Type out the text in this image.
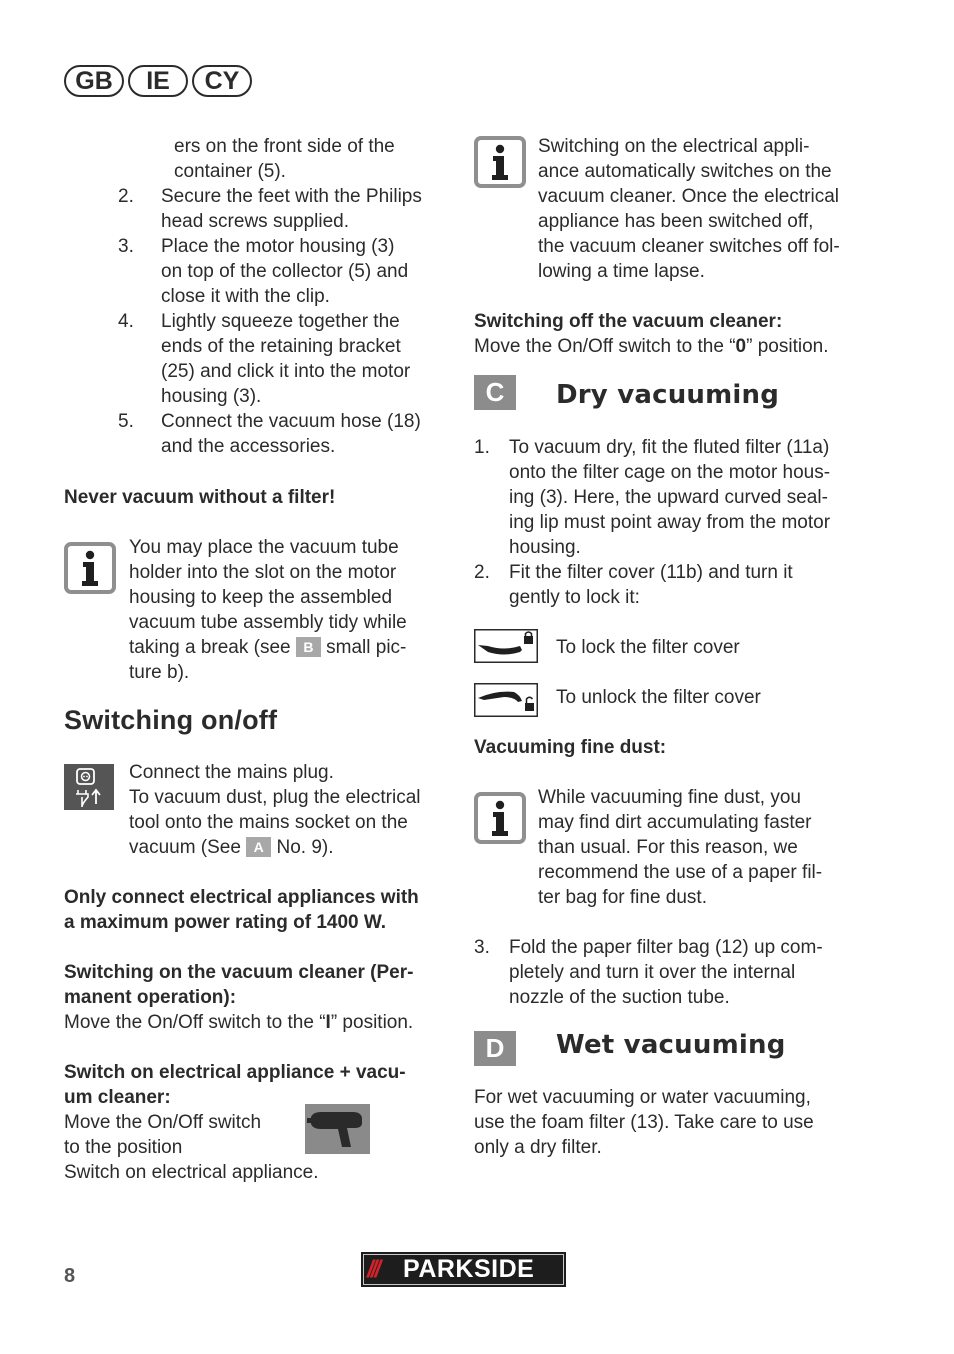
GB	IE	CY
ers on the front side of the
container (5).
2. Secure the feet with the Philips
head screws supplied.
3. Place the motor housing (3)
on top of the collector (5) and
close it with the clip.
4. Lightly squeeze together the
ends of the retaining bracket
(25) and click it into the motor
housing (3).
5. Connect the vacuum hose (18)
and the accessories.
Never vacuum without a filter!
You may place the vacuum tube
holder into the slot on the motor
housing to keep the assembled
vacuum tube assembly tidy while
taking a break (see B small pic-
ture b).
Switching on/off
Connect the mains plug.
To vacuum dust, plug the electrical
tool onto the mains socket on the
vacuum (See A No. 9).
Only connect electrical appliances with
a maximum power rating of 1400 W.
Switching on the vacuum cleaner (Per-
manent operation):
Move the On/Off switch to the “I” position.
Switch on electrical appliance + vacu-
um cleaner:
Move the On/Off switch
to the position
Switch on electrical appliance.
Switching on the electrical appli-
ance automatically switches on the
vacuum cleaner. Once the electrical
appliance has been switched off,
the vacuum cleaner switches off fol-
lowing a time lapse.
Switching off the vacuum cleaner:
Move the On/Off switch to the “0” position.
C	Dry vacuuming
1. To vacuum dry, fit the fluted filter (11a)
onto the filter cage on the motor hous-
ing (3). Here, the upward curved seal-
ing lip must point away from the motor
housing.
2. Fit the filter cover (11b) and turn it
gently to lock it:
To lock the filter cover
To unlock the filter cover
Vacuuming fine dust:
While vacuuming fine dust, you
may find dirt accumulating faster
than usual. For this reason, we
recommend the use of a paper fil-
ter bag for fine dust.
3. Fold the paper filter bag (12) up com-
pletely and turn it over the internal
nozzle of the suction tube.
D	Wet vacuuming
For wet vacuuming or water vacuuming,
use the foam filter (13). Take care to use
only a dry filter.
8	/// PARKSIDE
